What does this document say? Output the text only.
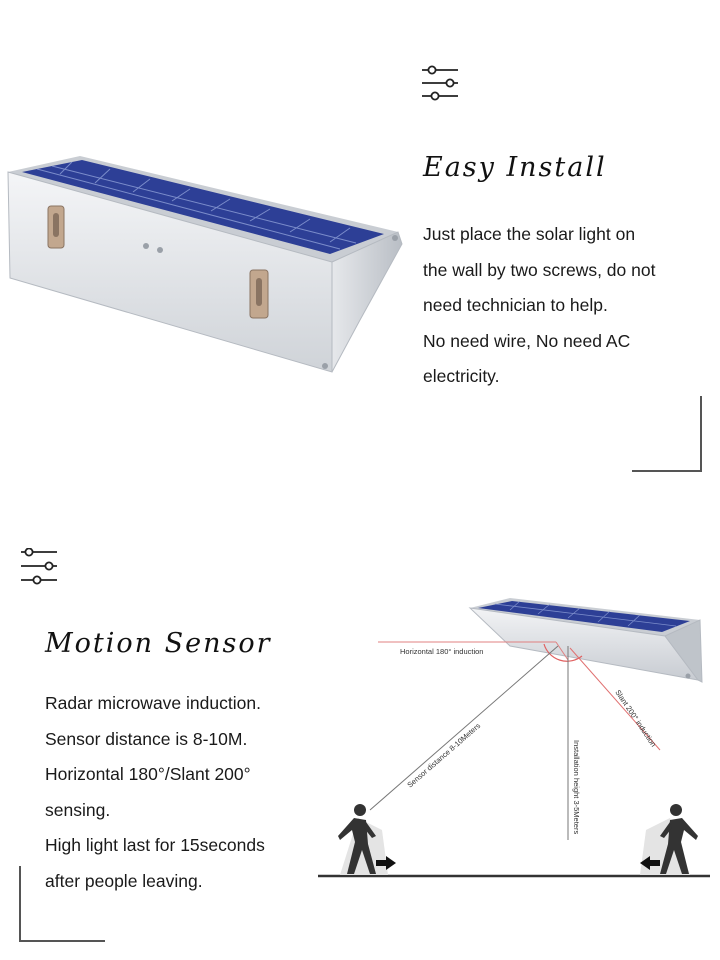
Easy Install
Just place the solar light on
the wall by two screws, do not
need technician to help.
No need wire, No need AC
electricity.
Motion Sensor
Radar microwave induction.
Sensor distance is 8-10M.
Horizontal 180°/Slant 200°
sensing.
High light last for 15seconds
after people leaving.
Horizontal 180° induction
Slant 200° induction
Sensor distance 8-10Meters	Installation height 3-5Meters
